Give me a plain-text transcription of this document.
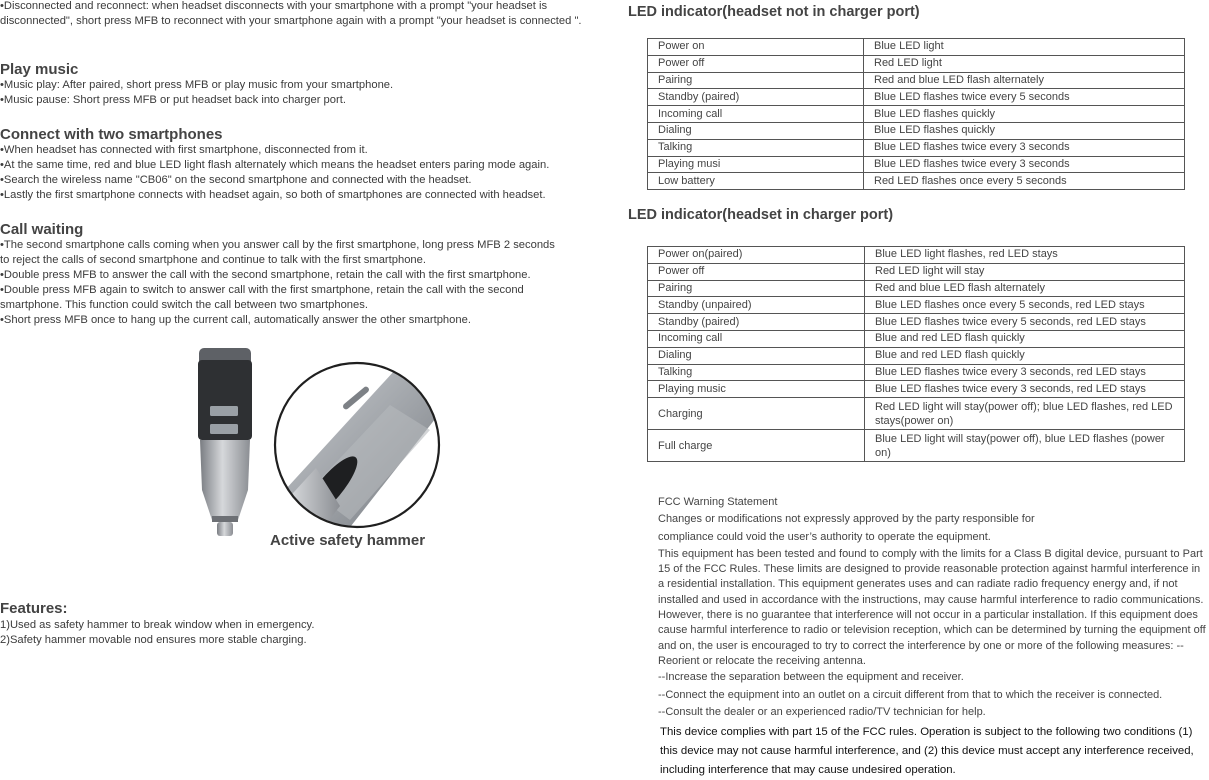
•Disconnected and reconnect: when headset disconnects with your smartphone with a prompt "your headset is disconnected", short press MFB to reconnect with your smartphone again with a prompt "your headset is connected ".

Play music
•Music play: After paired, short press MFB or play music from your smartphone.
•Music pause: Short press MFB or put headset back into charger port.
Connect with two smartphones
•When headset has connected with first smartphone, disconnected from it.
•At the same time, red and blue LED light flash alternately which means the headset enters paring mode again.
•Search the wireless name "CB06" on the second smartphone and connected with the headset.
•Lastly the first smartphone connects with headset again, so both of smartphones are connected with headset.
Call waiting
•The second smartphone calls coming when you answer call by the first smartphone, long press MFB 2 seconds to reject the calls of second smartphone and continue to talk with the first smartphone.
•Double press MFB to answer the call with the second smartphone, retain the call with the first smartphone.
•Double press MFB again to switch to answer call with the first smartphone, retain the call with the second smartphone. This function could switch the call between two smartphones.
•Short press MFB once to hang up the current call, automatically answer the other smartphone.
Active safety hammer
Features:
1)Used as safety hammer to break window when in emergency.
2)Safety hammer movable nod ensures more stable charging.
LED indicator(headset not in charger port)
Power on	Blue LED light
Power off	Red LED light
Pairing	Red and blue LED flash alternately
Standby (paired)	Blue LED flashes twice every 5 seconds
Incoming call	Blue LED flashes quickly
Dialing	Blue LED flashes quickly
Talking	Blue LED flashes twice every 3 seconds
Playing musi	Blue LED flashes twice every 3 seconds
Low battery	Red LED flashes once every 5 seconds
LED indicator(headset in charger port)
Power on(paired)	Blue LED light flashes, red LED stays
Power off	Red LED light will stay
Pairing	Red and blue LED flash alternately
Standby (unpaired)	Blue LED flashes once every 5 seconds, red LED stays
Standby (paired)	Blue LED flashes twice every 5 seconds, red LED stays
Incoming call	Blue and red LED flash quickly
Dialing	Blue and red LED flash quickly
Talking	Blue LED flashes twice every 3 seconds, red LED stays
Playing music	Blue LED flashes twice every 3 seconds, red LED stays
Charging	Red LED light will stay(power off); blue LED flashes, red LED stays(power on)
Full charge	Blue LED light will stay(power off), blue LED flashes (power on)

FCC Warning Statement

Changes or modifications not expressly approved by the party responsible for

compliance could void the user’s authority to operate the equipment.

This equipment has been tested and found to comply with the limits for a Class B digital device, pursuant to Part 15 of the FCC Rules. These limits are designed to provide reasonable protection against harmful interference in a residential installation. This equipment generates uses and can radiate radio frequency energy and, if not installed and used in accordance with the instructions, may cause harmful interference to radio communications. However, there is no guarantee that interference will not occur in a particular installation. If this equipment does cause harmful interference to radio or television reception, which can be determined by turning the equipment off and on, the user is encouraged to try to correct the interference by one or more of the following measures: --Reorient or relocate the receiving antenna.

--Increase the separation between the equipment and receiver.

--Connect the equipment into an outlet on a circuit different from that to which the receiver is connected.

--Consult the dealer or an experienced radio/TV technician for help.

This device complies with part 15 of the FCC rules. Operation is subject to the following two conditions (1) this device may not cause harmful interference, and (2) this device must accept any interference received, including interference that may cause undesired operation.
